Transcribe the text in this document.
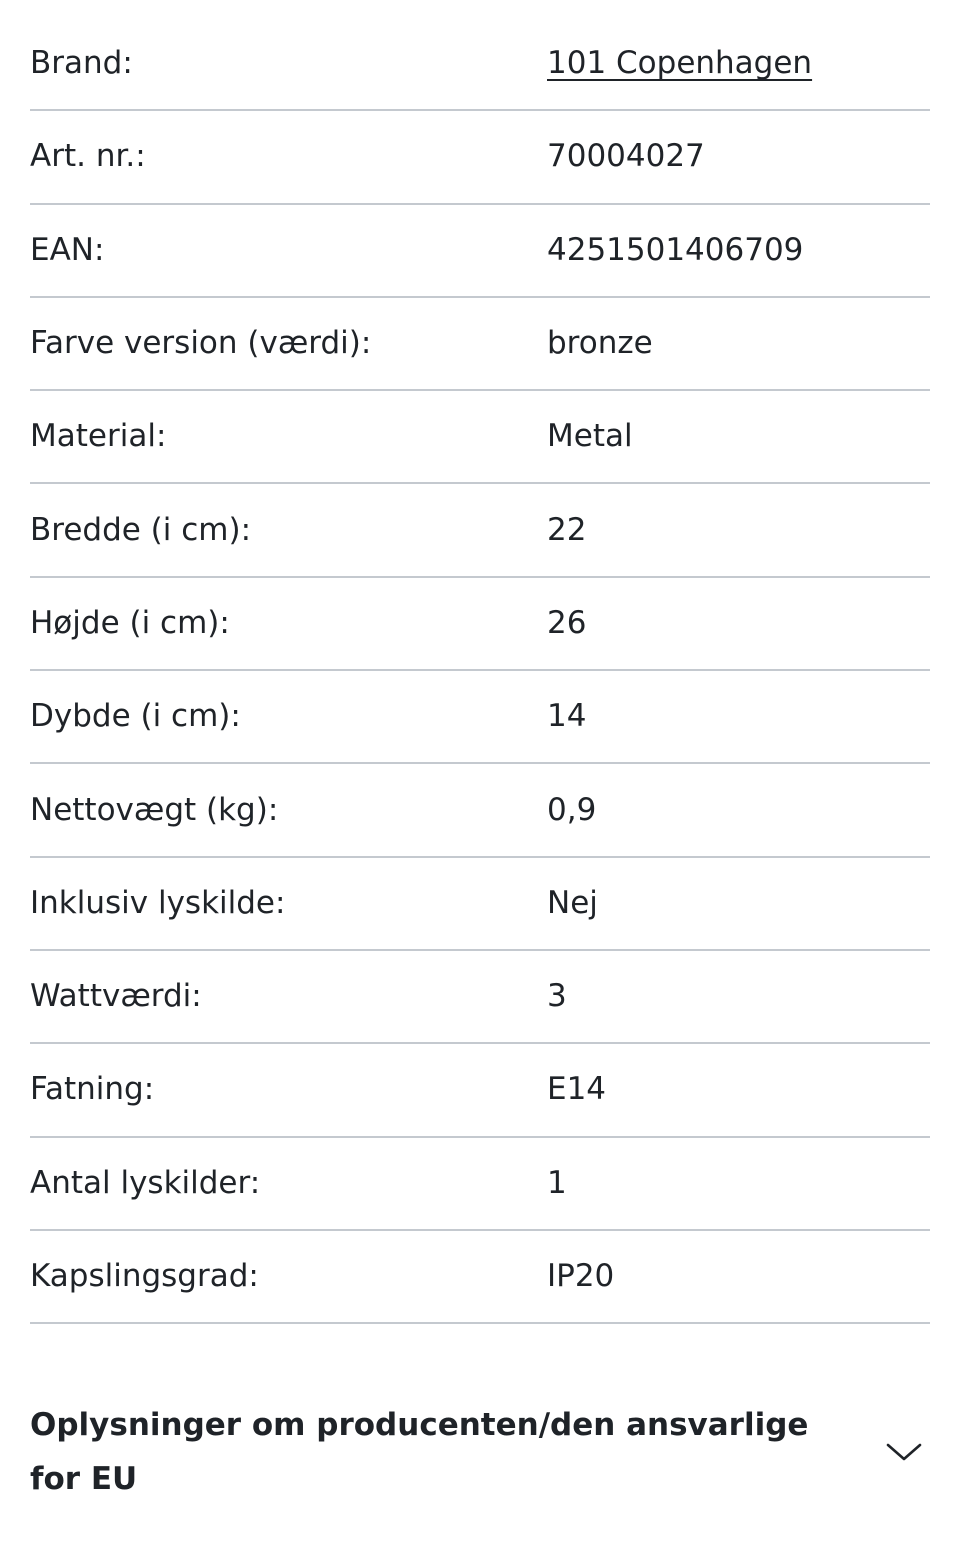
Brand:	101 Copenhagen
Art. nr.:	70004027
EAN:	4251501406709
Farve version (værdi):	bronze
Material:	Metal
Bredde (i cm):	22
Højde (i cm):	26
Dybde (i cm):	14
Nettovægt (kg):	0,9
Inklusiv lyskilde:	Nej
Wattværdi:	3
Fatning:	E14
Antal lyskilder:	1
Kapslingsgrad:	IP20
Oplysninger om producenten/den ansvarlige for EU
